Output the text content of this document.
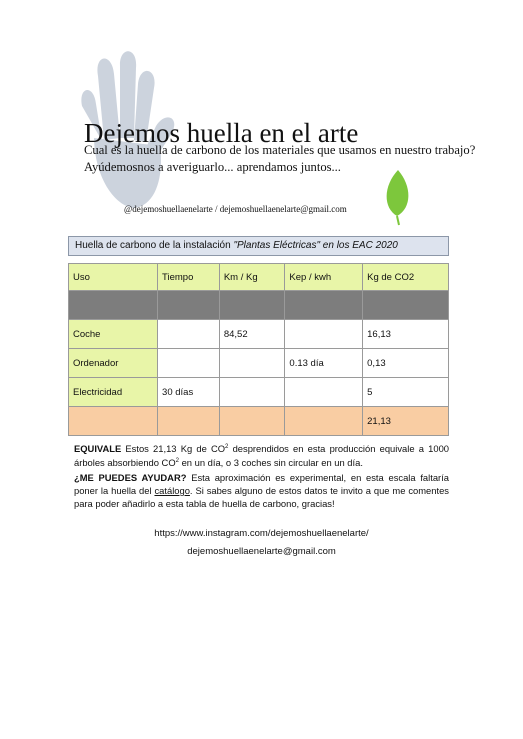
Dejemos huella en el arte
Cual es la huella de carbono de los materiales que usamos en nuestro trabajo?
Ayúdemosnos a averiguarlo... aprendamos juntos...
@dejemoshuellaenelarte / dejemoshuellaenelarte@gmail.com
Huella de carbono de la instalación "Plantas Eléctricas" en los EAC 2020
Uso	Tiempo	Km / Kg	Kep / kwh	Kg de CO2

Coche		84,52		16,13
Ordenador			0.13 día	0,13
Electricidad	30 días			5
				21,13
EQUIVALE Estos 21,13 Kg de $CO^2$ desprendidos en esta producción equivale a 1000 árboles absorbiendo $CO^2$ en un día, o 3 coches sin circular en un día.
¿ME PUEDES AYUDAR? Esta aproximación es experimental, en esta escala faltaría poner la huella del catálogo. Si sabes alguno de estos datos te invito a que me comentes para poder añadirlo a esta tabla de huella de carbono, gracias!
https://www.instagram.com/dejemoshuellaenelarte/
dejemoshuellaenelarte@gmail.com
